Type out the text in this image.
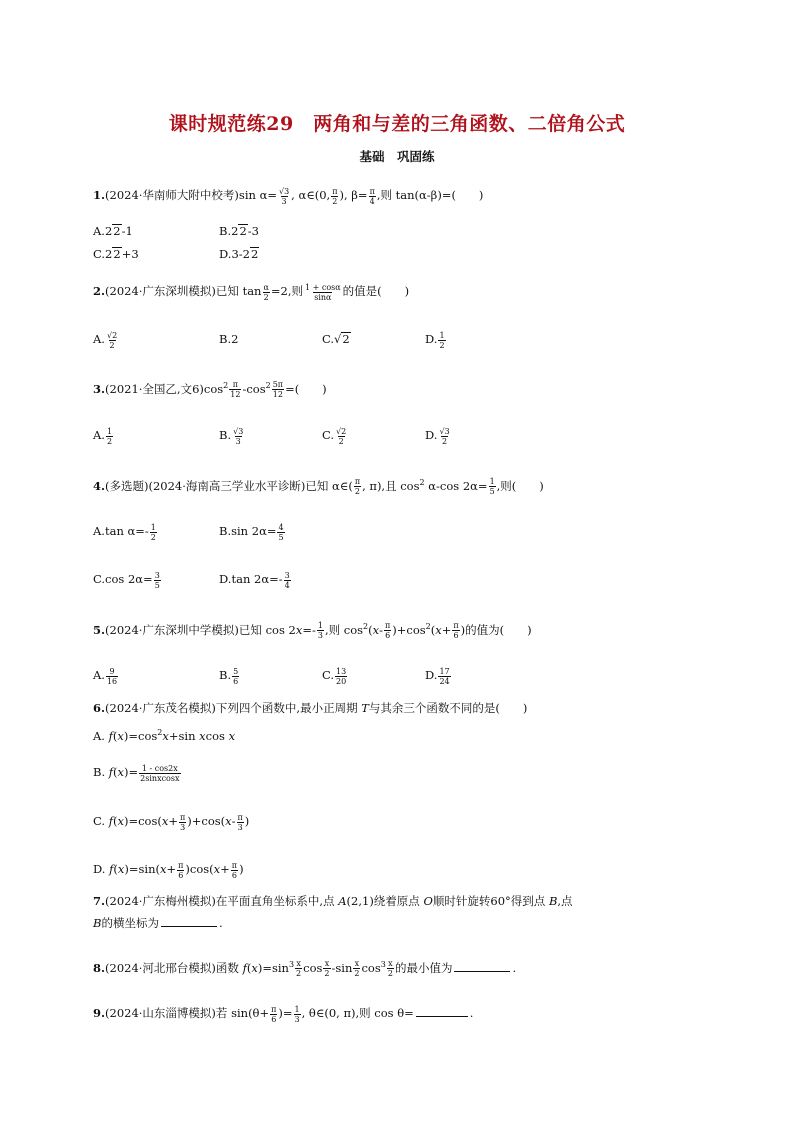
课时规范练29　两角和与差的三角函数、二倍角公式
基础　巩固练
1.(2024·华南师大附中校考)sin $\alpha= \frac{√3}{3}$ , α∈(0, $\frac{\pi}{2}$ ), $\beta= \frac{\pi}{4}$ ,则 tan(α-β)=(　　)
A.22-1	B.22-3
C.22+3	D.3-22
2.(2024·广东深圳模拟)已知 $\tan \frac{\alpha}{2} =2$,则 $\frac{1 + \cos\alpha}{\sin\alpha}$ 的值是(　　)
A. $\frac{√2}{2}$	B.2	C.√2	D. $\frac{1}{2}$
3.(2021·全国乙,文$6)\cos^2 \frac{\pi}{12} -\cos^2 \frac{5\pi}{12}$ =(　　)
A. $\frac{1}{2}$	B. $\frac{√3}{3}$	C. $\frac{√2}{2}$	D. $\frac{√3}{2}$
4.(多选题)(2024·海南高三学业水平诊断)已知 α∈( $\frac{\pi}{2}$ , π),且 $\cos^2 \alpha-\cos$ $2\alpha= \frac{1}{5}$ ,则(　　)
A.tan $\alpha=- \frac{1}{2}$	B.sin $2\alpha= \frac{4}{5}$
C.cos $2\alpha= \frac{3}{5}$	D.tan $2\alpha=- \frac{3}{4}$
5.(2024·广东深圳中学模拟)已知 $\cos 2x=- \frac{1}{3}$ ,则 $\cos^2(x- \frac{\pi}{6} )+\cos^2(x+ \frac{\pi}{6}$ )的值为(　　)
A. $\frac{9}{16}$	B. $\frac{5}{6}$	C. $\frac{13}{20}$	D. $\frac{17}{24}$
6.(2024·广东茂名模拟)下列四个函数中,最小正周期 T与其余三个函数不同的是(　　)
A. $f(x)=\cos^2x+\sin$ xcos x
B. $f(x)= \frac{1 - \cos 2x}{\text{2sinxcosx}}$
C. $f(x)=\cos(x+ \frac{\pi}{3} )+\cos(x- \frac{\pi}{3}$ )
D. $f(x)=\sin(x+ \frac{\pi}{6} )\cos(x+ \frac{\pi}{6}$ )
7.(2024·广东梅州模拟)在平面直角坐标系中,点 A(2,1)绕着原点 O顺时针旋转60°得到点 B,点
B的横坐标为	.
8.(2024·河北邢台模拟)函数 $f(x)=\sin^3 \frac{x}{2}$ $\cos \frac{x}{2} -\sin \frac{x}{2} \cos^3 \frac{x}{2}$ 的最小值为	.
9.(2024·山东淄博模拟)若 $\sin(\theta+ \frac{\pi}{6}$ )= $\frac{1}{3}$ , θ∈(0, π),则 cos θ=	.
